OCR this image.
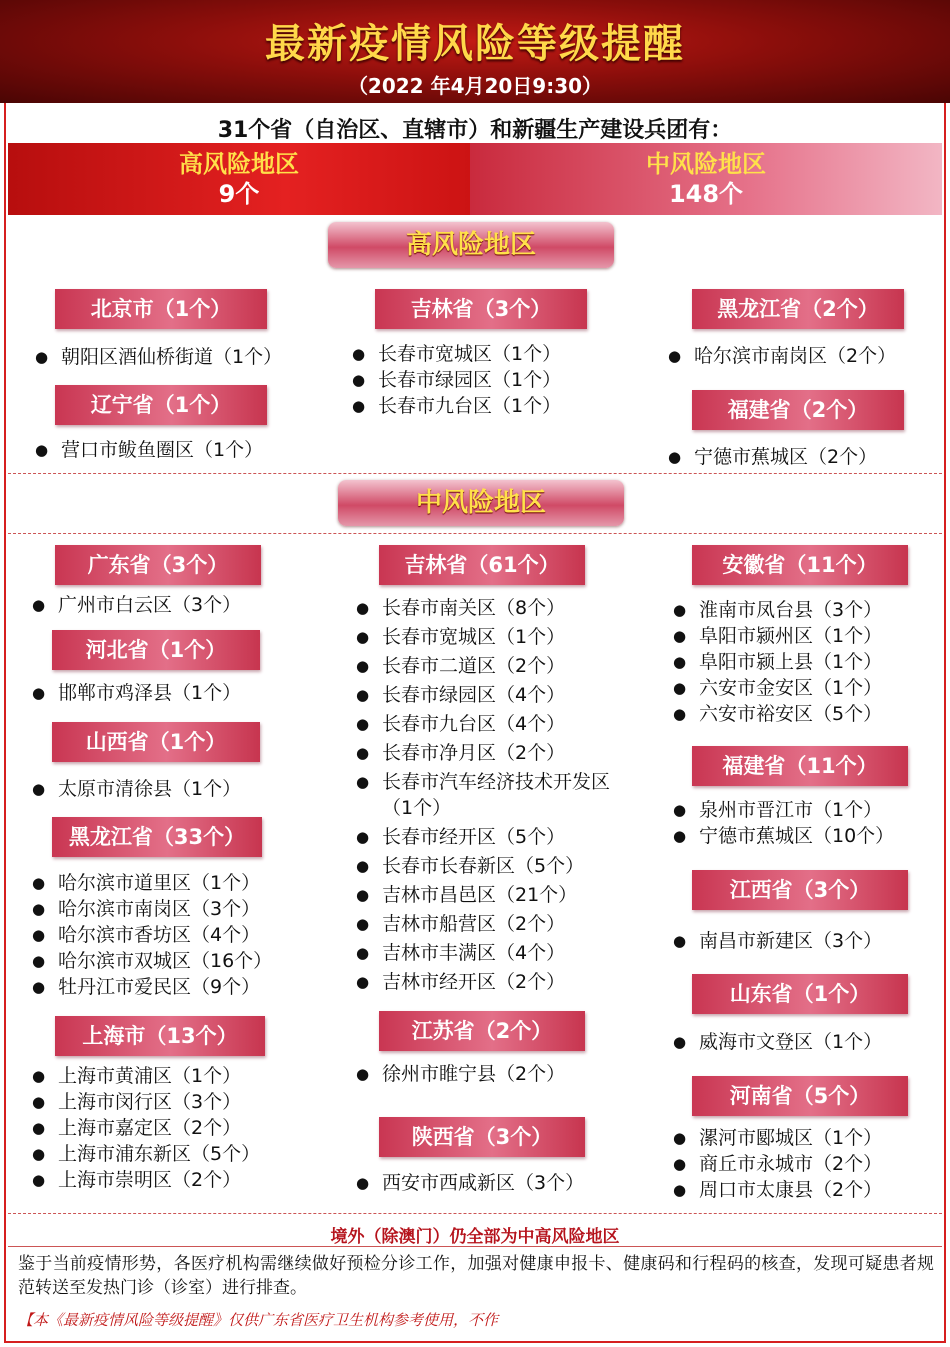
最新疫情风险等级提醒
（2022 年4月20日9:30）
31个省（自治区、直辖市）和新疆生产建设兵团有：
高风险地区
9个
中风险地区
148个
高风险地区
北京市（1个）
● 朝阳区酒仙桥街道（1个）
辽宁省（1个）
● 营口市鲅鱼圈区（1个）
吉林省（3个）
● 长春市宽城区（1个）
● 长春市绿园区（1个）
● 长春市九台区（1个）
黑龙江省（2个）
● 哈尔滨市南岗区（2个）
福建省（2个）
● 宁德市蕉城区（2个）
中风险地区
广东省（3个）
● 广州市白云区（3个）
河北省（1个）
● 邯郸市鸡泽县（1个）
山西省（1个）
● 太原市清徐县（1个）
黑龙江省（33个）
● 哈尔滨市道里区（1个）
● 哈尔滨市南岗区（3个）
● 哈尔滨市香坊区（4个）
● 哈尔滨市双城区（16个）
● 牡丹江市爱民区（9个）
上海市（13个）
● 上海市黄浦区（1个）
● 上海市闵行区（3个）
● 上海市嘉定区（2个）
● 上海市浦东新区（5个）
● 上海市崇明区（2个）
吉林省（61个）
● 长春市南关区（8个）
● 长春市宽城区（1个）
● 长春市二道区（2个）
● 长春市绿园区（4个）
● 长春市九台区（4个）
● 长春市净月区（2个）
● 长春市汽车经济技术开发区（1个）
● 长春市经开区（5个）
● 长春市长春新区（5个）
● 吉林市昌邑区（21个）
● 吉林市船营区（2个）
● 吉林市丰满区（4个）
● 吉林市经开区（2个）
江苏省（2个）
● 徐州市睢宁县（2个）
陕西省（3个）
● 西安市西咸新区（3个）
安徽省（11个）
● 淮南市凤台县（3个）
● 阜阳市颍州区（1个）
● 阜阳市颍上县（1个）
● 六安市金安区（1个）
● 六安市裕安区（5个）
福建省（11个）
● 泉州市晋江市（1个）
● 宁德市蕉城区（10个）
江西省（3个）
● 南昌市新建区（3个）
山东省（1个）
● 威海市文登区（1个）
河南省（5个）
● 漯河市郾城区（1个）
● 商丘市永城市（2个）
● 周口市太康县（2个）
境外（除澳门）仍全部为中高风险地区
鉴于当前疫情形势，各医疗机构需继续做好预检分诊工作，加强对健康申报卡、健康码和行程码的核查，发现可疑患者规范转送至发热门诊（诊室）进行排查。
【本《最新疫情风险等级提醒》仅供广东省医疗卫生机构参考使用，不作
